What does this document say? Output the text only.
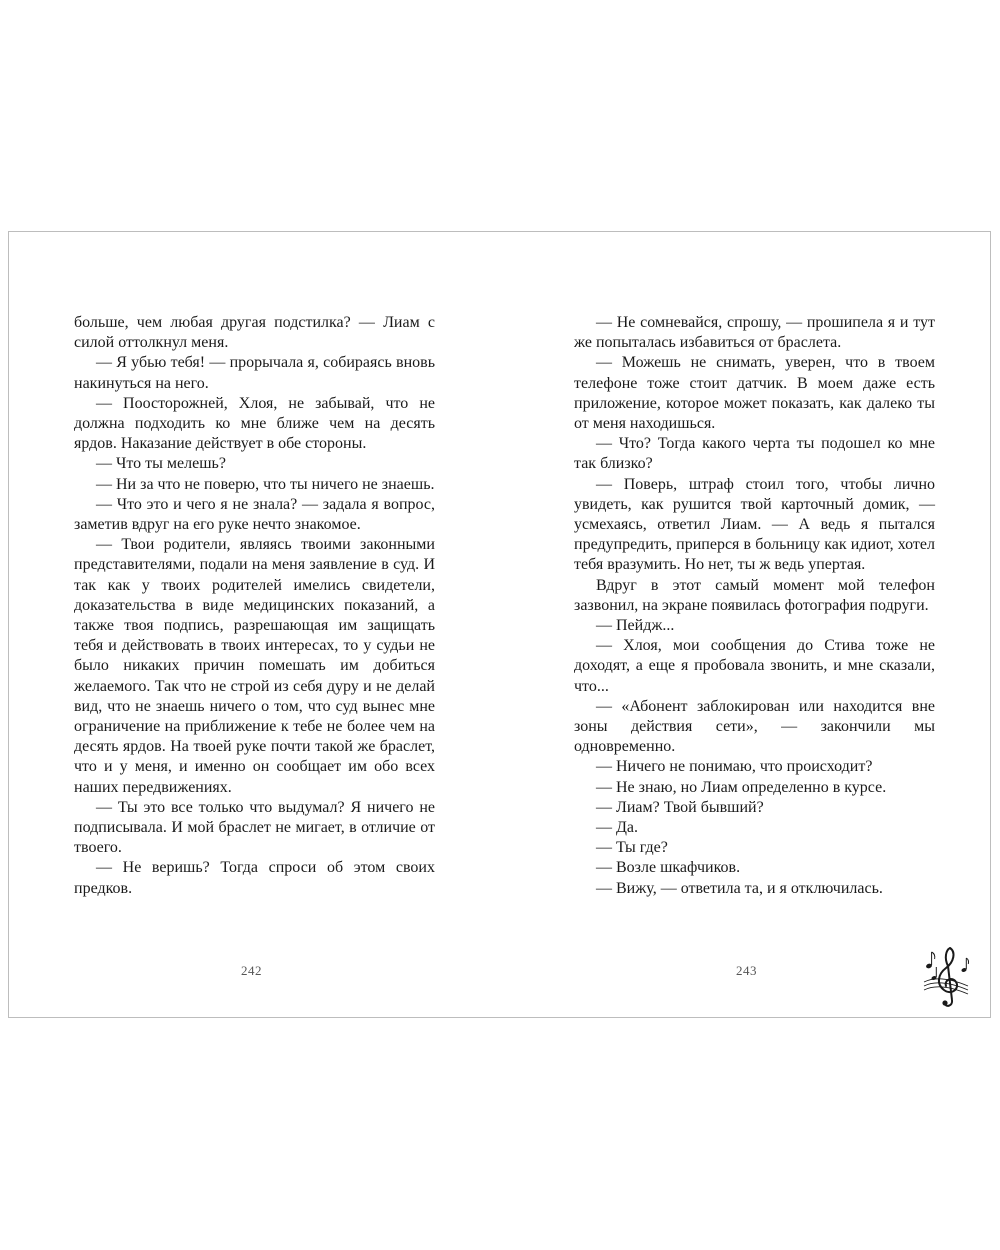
больше, чем любая другая подстилка? — Лиам с силой оттолкнул меня.

— Я убью тебя! — прорычала я, собираясь вновь накинуться на него.

— Поосторожней, Хлоя, не забывай, что не должна подходить ко мне ближе чем на десять ярдов. Наказание действует в обе стороны.

— Что ты мелешь?

— Ни за что не поверю, что ты ничего не знаешь.

— Что это и чего я не знала? — задала я вопрос, заметив вдруг на его руке нечто знакомое.

— Твои родители, являясь твоими законными представителями, подали на меня заявление в суд. И так как у твоих родителей имелись свидетели, доказательства в виде медицинских показаний, а также твоя подпись, разрешающая им защищать тебя и действовать в твоих интересах, то у судьи не было никаких причин помешать им добиться желаемого. Так что не строй из себя дуру и не делай вид, что не знаешь ничего о том, что суд вынес мне ограничение на приближение к тебе не более чем на десять ярдов. На твоей руке почти такой же браслет, что и у меня, и именно он сообщает им обо всех наших передвижениях.

— Ты это все только что выдумал? Я ничего не подписывала. И мой браслет не мигает, в отличие от твоего.

— Не веришь? Тогда спроси об этом своих предков.

— Не сомневайся, спрошу, — прошипела я и тут же попыталась избавиться от браслета.

— Можешь не снимать, уверен, что в твоем телефоне тоже стоит датчик. В моем даже есть приложение, которое может показать, как далеко ты от меня находишься.

— Что? Тогда какого черта ты подошел ко мне так близко?

— Поверь, штраф стоил того, чтобы лично увидеть, как рушится твой карточный домик, — усмехаясь, ответил Лиам. — А ведь я пытался предупредить, приперся в больницу как идиот, хотел тебя вразумить. Но нет, ты ж ведь упертая.

Вдруг в этот самый момент мой телефон зазвонил, на экране появилась фотография подруги.

— Пейдж...

— Хлоя, мои сообщения до Стива тоже не доходят, а еще я пробовала звонить, и мне сказали, что...

— «Абонент заблокирован или находится вне зоны действия сети», — закончили мы одновременно.

— Ничего не понимаю, что происходит?

— Не знаю, но Лиам определенно в курсе.

— Лиам? Твой бывший?

— Да.

— Ты где?

— Возле шкафчиков.

— Вижу, — ответила та, и я отключилась.

242	243
